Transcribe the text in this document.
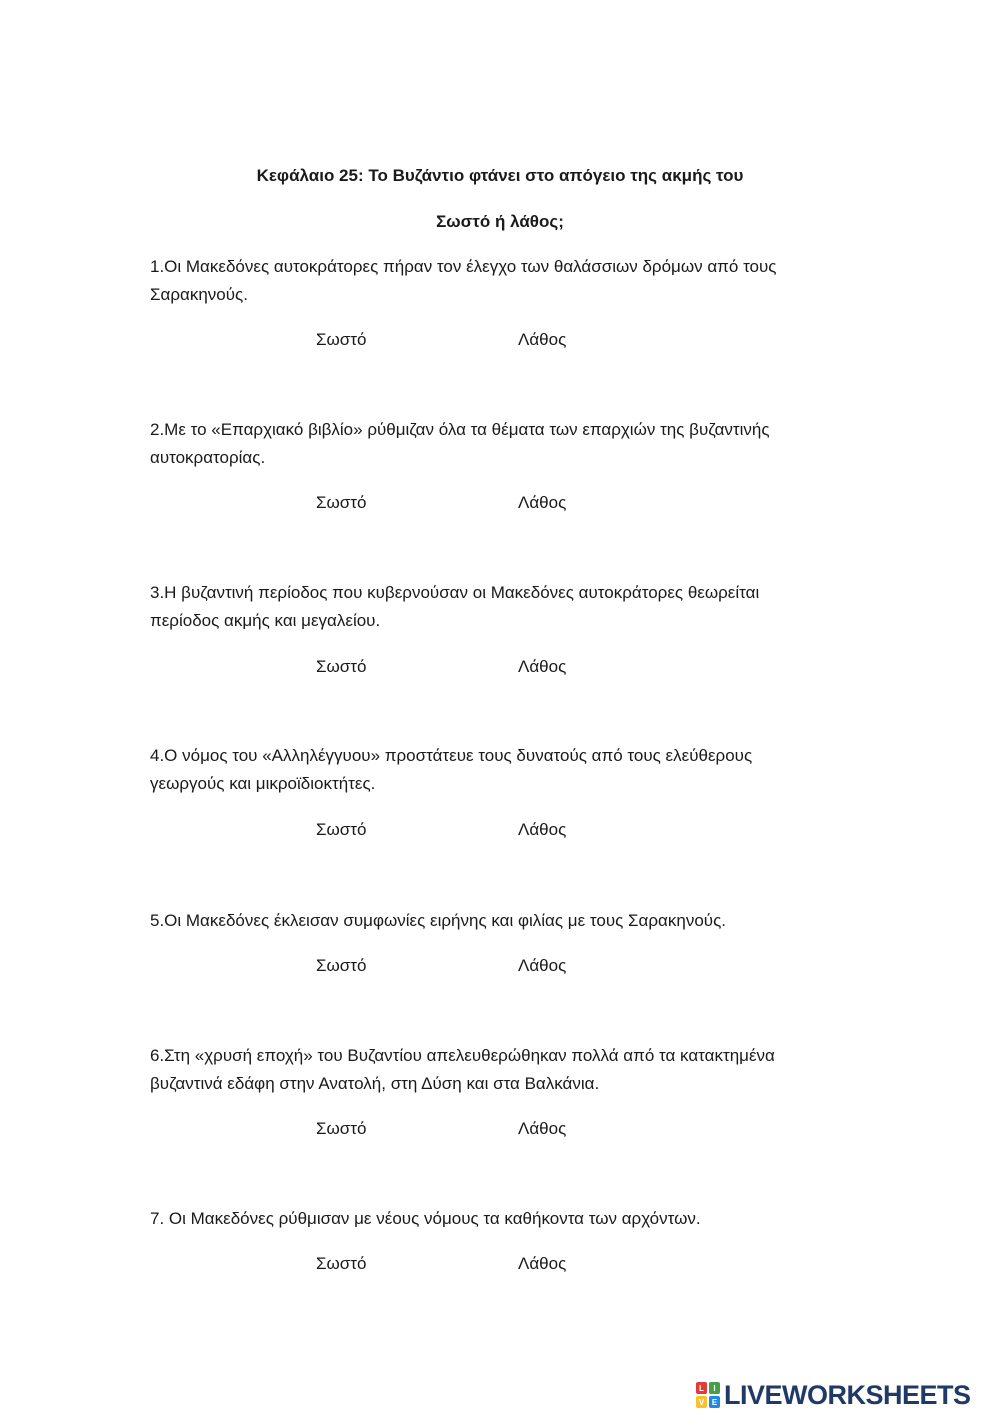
Κεφάλαιο 25: Το Βυζάντιο φτάνει στο απόγειο της ακμής του
Σωστό ή λάθος;

1.Οι Μακεδόνες αυτοκράτορες πήραν τον έλεγχο των θαλάσσιων δρόμων από τους
Σαρακηνούς.

Σωστό	Λάθος

2.Με το «Επαρχιακό βιβλίο» ρύθμιζαν όλα τα θέματα των επαρχιών της βυζαντινής
αυτοκρατορίας.

Σωστό	Λάθος

3.Η βυζαντινή περίοδος που κυβερνούσαν οι Μακεδόνες αυτοκράτορες θεωρείται
περίοδος ακμής και μεγαλείου.

Σωστό	Λάθος

4.Ο νόμος του «Αλληλέγγυου» προστάτευε τους δυνατούς από τους ελεύθερους
γεωργούς και μικροϊδιοκτήτες.

Σωστό	Λάθος

5.Οι Μακεδόνες έκλεισαν συμφωνίες ειρήνης και φιλίας με τους Σαρακηνούς.

Σωστό	Λάθος

6.Στη «χρυσή εποχή» του Βυζαντίου απελευθερώθηκαν πολλά από τα κατακτημένα
βυζαντινά εδάφη στην Ανατολή, στη Δύση και στα Βαλκάνια.

Σωστό	Λάθος

7. Οι Μακεδόνες ρύθμισαν με νέους νόμους τα καθήκοντα των αρχόντων.

Σωστό	Λάθος
L	I
V E LIVEWORKSHEETS
